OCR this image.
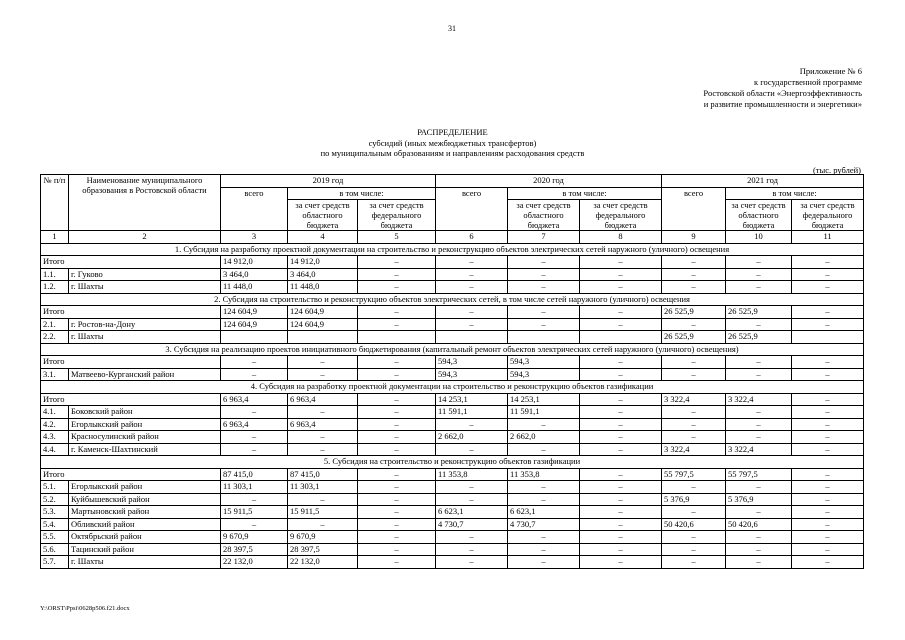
31
Приложение № 6
к государственной программе
Ростовской области «Энергоэффективность
и развитие промышленности и энергетики»
РАСПРЕДЕЛЕНИЕ
субсидий (иных межбюджетных трансфертов)
по муниципальным образованиям и направлениям расходования средств
(тыс. рублей)
№ п/п	Наименование муниципального образования в Ростовской области	2019 год			2020 год			2021 год		
		всего	в том числе:		всего	в том числе:		всего	в том числе:	
			за счет средств областного бюджета	за счет средств федерального бюджета		за счет средств областного бюджета	за счет средств федерального бюджета		за счет средств областного бюджета	за счет средств федерального бюджета
1	2	3	4	5	6	7	8	9	10	11
1. Субсидия на разработку проектной документации на строительство и реконструкцию объектов электрических сетей наружного (уличного) освещения										
Итого		14 912,0	14 912,0	–	–	–	–	–	–	–
1.1.	г. Гуково	3 464,0	3 464,0	–	–	–	–	–	–	–
1.2.	г. Шахты	11 448,0	11 448,0	–	–	–	–	–	–	–
2. Субсидия на строительство и реконструкцию объектов электрических сетей, в том числе сетей наружного (уличного) освещения										
Итого		124 604,9	124 604,9	–	–	–	–	26 525,9	26 525,9	–
2.1.	г. Ростов-на-Дону	124 604,9	124 604,9	–	–	–	–	–	–	–
2.2.	г. Шахты							26 525,9	26 525,9	
3. Субсидия на реализацию проектов инициативного бюджетирования (капитальный ремонт объектов электрических сетей наружного (уличного) освещения)										
Итого		–	–	–	594,3	594,3	–	–	–	–
3.1.	Матвеево-Курганский район	–	–	–	594,3	594,3	–	–	–	–
4. Субсидия на разработку проектной документации на строительство и реконструкцию объектов газификации										
Итого		6 963,4	6 963,4	–	14 253,1	14 253,1	–	3 322,4	3 322,4	–
4.1.	Боковский район	–	–	–	11 591,1	11 591,1	–	–	–	–
4.2.	Егорлыкский район	6 963,4	6 963,4	–	–	–	–	–	–	–
4.3.	Красносулинский район	–	–	–	2 662,0	2 662,0	–	–	–	–
4.4.	г. Каменск-Шахтинский	–	–	–	–	–	–	3 322,4	3 322,4	–
5. Субсидия на строительство и реконструкцию объектов газификации										
Итого		87 415,0	87 415,0	–	11 353,8	11 353,8	–	55 797,5	55 797,5	–
5.1.	Егорлыкский район	11 303,1	11 303,1	–	–	–	–	–	–	–
5.2.	Куйбышевский район	–	–	–	–	–	–	5 376,9	5 376,9	–
5.3.	Мартыновский район	15 911,5	15 911,5	–	6 623,1	6 623,1	–	–	–	–
5.4.	Обливский район	–	–	–	4 730,7	4 730,7	–	50 420,6	50 420,6	–
5.5.	Октябрьский район	9 670,9	9 670,9	–	–	–	–	–	–	–
5.6.	Тацинский район	28 397,5	28 397,5	–	–	–	–	–	–	–
5.7.	г. Шахты	22 132,0	22 132,0	–	–	–	–	–	–	–
Y:\ORST\Ppsi\0628p506.f21.docx
